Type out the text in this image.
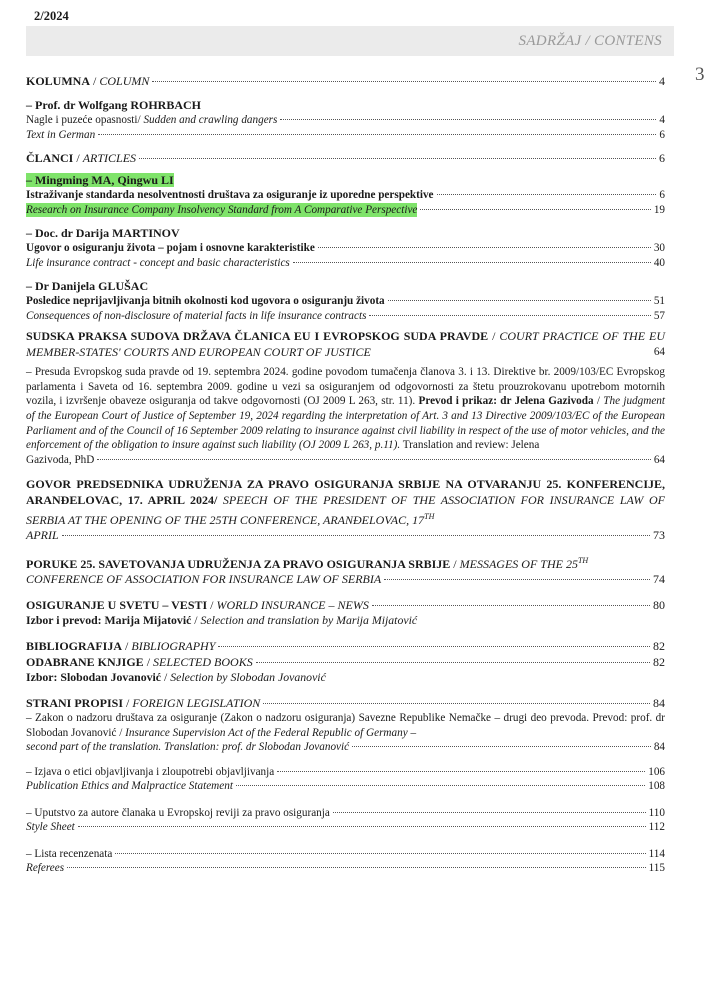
2/2024
SADRŽAJ / CONTENS
3
KOLUMNA / COLUMN	4
– Prof. dr Wolfgang ROHRBACH
Nagle i puzeće opasnosti/ Sudden and crawling dangers	4
Text in German	6
ČLANCI / ARTICLES	6
– Mingming MA, Qingwu LI
Istraživanje standarda nesolventnosti društava za osiguranje iz uporedne perspektive	6
Research on Insurance Company Insolvency Standard from A Comparative Perspective	19
– Doc. dr Darija MARTINOV
Ugovor o osiguranju života – pojam i osnovne karakteristike	30
Life insurance contract - concept and basic characteristics	40
– Dr Danijela GLUŠAC
Posledice neprijavljivanja bitnih okolnosti kod ugovora o osiguranju života	51
Consequences of non-disclosure of material facts in life insurance contracts	57
SUDSKA PRAKSA SUDOVA DRŽAVA ČLANICA EU I EVROPSKOG SUDA PRAVDE / COURT PRACTICE OF THE EU MEMBER-STATES' COURTS AND EUROPEAN COURT OF JUSTICE	64
– Presuda Evropskog suda pravde od 19. septembra 2024. godine povodom tumačenja članova 3. i 13. Direktive br. 2009/103/EC Evropskog parlamenta i Saveta od 16. septembra 2009. godine u vezi sa osiguranjem od odgovornosti za štetu prouzrokovanu upotrebom motornih vozila, i izvršenje obaveze osiguranja od takve odgovornosti (OJ 2009 L 263, str. 11). Prevod i prikaz: dr Jelena Gazivoda / The judgment of the European Court of Justice of September 19, 2024 regarding the interpretation of Art. 3 and 13 Directive 2009/103/EC of the European Parliament and of the Council of 16 September 2009 relating to insurance against civil liability in respect of the use of motor vehicles, and the enforcement of the obligation to insure against such liability (OJ 2009 L 263, p.11). Translation and review: Jelena
Gazivoda, PhD	64
GOVOR PREDSEDNIKA UDRUŽENJA ZA PRAVO OSIGURANJA SRBIJE NA OTVARANJU 25. KONFERENCIJE, ARANĐELOVAC, 17. APRIL 2024/ SPEECH OF THE PRESIDENT OF THE ASSOCIATION FOR INSURANCE LAW OF SERBIA AT THE OPENING OF THE 25TH CONFERENCE, ARANĐELOVAC, 17TH
APRIL	73
PORUKE 25. SAVETOVANJA UDRUŽENJA ZA PRAVO OSIGURANJA SRBIJE / MESSAGES OF THE 25TH
CONFERENCE OF ASSOCIATION FOR INSURANCE LAW OF SERBIA	74
OSIGURANJE U SVETU – VESTI / WORLD INSURANCE – NEWS	80
Izbor i prevod: Marija Mijatović / Selection and translation by Marija Mijatović
BIBLIOGRAFIJA / BIBLIOGRAPHY	82
ODABRANE KNJIGE / SELECTED BOOKS	82
Izbor: Slobodan Jovanović / Selection by Slobodan Jovanović
STRANI PROPISI / FOREIGN LEGISLATION	84
– Zakon o nadzoru društava za osiguranje (Zakon o nadzoru osiguranja) Savezne Republike Nemačke – drugi deo prevoda. Prevod: prof. dr Slobodan Jovanović / Insurance Supervision Act of the Federal Republic of Germany –
second part of the translation. Translation: prof. dr Slobodan Jovanović	84
– Izjava o etici objavljivanja i zloupotrebi objavljivanja	106
Publication Ethics and Malpractice Statement	108
– Uputstvo za autore članaka u Evropskoj reviji za pravo osiguranja	110
Style Sheet	112
– Lista recenzenata	114
Referees	115
